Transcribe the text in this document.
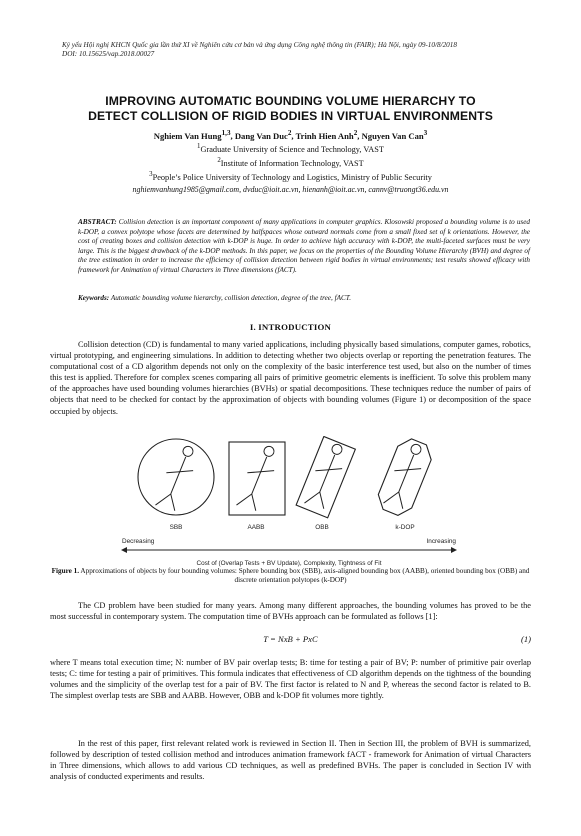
Kỷ yếu Hội nghị KHCN Quốc gia lần thứ XI về Nghiên cứu cơ bản và ứng dụng Công nghệ thông tin (FAIR); Hà Nội, ngày 09-10/8/2018
DOI: 10.15625/vap.2018.00027
IMPROVING AUTOMATIC BOUNDING VOLUME HIERARCHY TO
DETECT COLLISION OF RIGID BODIES IN VIRTUAL ENVIRONMENTS
Nghiem Van Hung$^{1,3}$, Dang Van Duc$^2$, Trinh Hien Anh$^2$, Nguyen Van Can$^3$
$^1$Graduate University of Science and Technology, VAST
$^2$Institute of Information Technology, VAST
$^3$People’s Police University of Technology and Logistics, Ministry of Public Security
nghiemvanhung1985@gmail.com, dvduc@ioit.ac.vn, hienanh@ioit.ac.vn, cannv@truongt36.edu.vn
ABSTRACT: Collision detection is an important component of many applications in computer graphics. Klosowski proposed a bounding volume is to used k-DOP, a convex polytope whose facets are determined by halfspaces whose outward normals come from a small fixed set of k orientations. However, the cost of creating boxes and collision detection with k-DOP is huge. In order to achieve high accuracy with k-DOP, the multi-faceted surfaces must be very large. This is the biggest drawback of the k-DOP methods. In this paper, we focus on the properties of the Bounding Volume Hierarchy (BVH) and degree of the tree estimation in order to increase the efficiency of collision detection between rigid bodies in virtual environments; test results showed efficacy with framework for Animation of virtual Characters in Three dimensions (fACT).
Keywords: Automatic bounding volume hierarchy, collision detection, degree of the tree, fACT.
I. INTRODUCTION
Collision detection (CD) is fundamental to many varied applications, including physically based simulations, computer games, robotics, virtual prototyping, and engineering simulations. In addition to detecting whether two objects overlap or reporting the penetration features. The computational cost of a CD algorithm depends not only on the complexity of the basic interference test used, but also on the number of times this test is applied. Therefore for complex scenes comparing all pairs of primitive geometric elements is inefficient. To solve this problem many of the approaches have used bounding volumes hierarchies (BVHs) or spatial decompositions. These techniques reduce the number of pairs of objects that need to be checked for contact by the approximation of objects with bounding volumes (Figure 1) or decomposition of the space occupied by objects.
SBB	AABB	OBB	k-DOP
Decreasing	Increasing
Cost of (Overlap Tests + BV Update), Complexity, Tightness of Fit
Figure 1. Approximations of objects by four bounding volumes: Sphere bounding box (SBB), axis-aligned bounding box (AABB), oriented bounding box (OBB) and discrete orientation polytopes (k-DOP)
The CD problem have been studied for many years. Among many different approaches, the bounding volumes has proved to be the most successful in contemporary system. The computation time of BVHs approach can be formulated as follows [1]:
T = NxB + PxC	(1)
where T means total execution time; N: number of BV pair overlap tests; B: time for testing a pair of BV; P: number of primitive pair overlap tests; C: time for testing a pair of primitives. This formula indicates that effectiveness of CD algorithm depends on the tightness of the bounding volumes and the simplicity of the overlap test for a pair of BV. The first factor is related to N and P, whereas the second factor is related to B. The simplest overlap tests are SBB and AABB. However, OBB and k-DOP fit volumes more tightly.
In the rest of this paper, first relevant related work is reviewed in Section II. Then in Section III, the problem of BVH is summarized, followed by description of tested collision method and introduces animation framework fACT - framework for Animation of virtual Characters in Three dimensions, which allows to add various CD techniques, as well as predefined BVHs. The paper is concluded in Section IV with analysis of conducted experiments and results.
